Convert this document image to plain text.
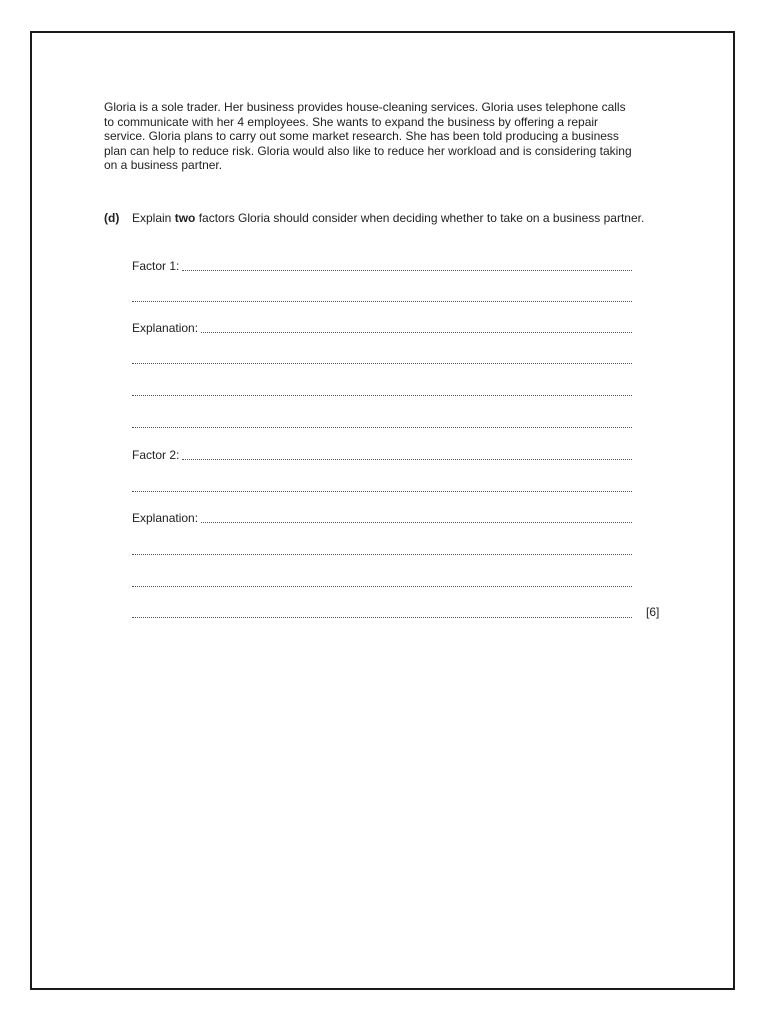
Gloria is a sole trader. Her business provides house-cleaning services. Gloria uses telephone calls
to communicate with her 4 employees. She wants to expand the business by offering a repair
service. Gloria plans to carry out some market research. She has been told producing a business
plan can help to reduce risk. Gloria would also like to reduce her workload and is considering taking
on a business partner.
(d) Explain two factors Gloria should consider when deciding whether to take on a business partner.
Factor 1:
Explanation:
Factor 2:
Explanation:
[6]
